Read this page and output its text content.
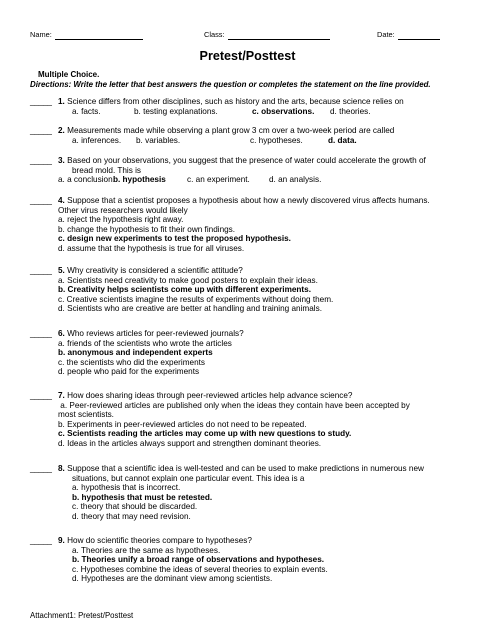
Name:	Class:	Date:
Pretest/Posttest
Multiple Choice.
Directions: Write the letter that best answers the question or completes the statement on the line provided.
_____ 1. Science differs from other disciplines, such as history and the arts, because science relies on
a. facts.	b. testing explanations.	c. observations. d. theories.
_____ 2. Measurements made while observing a plant grow 3 cm over a two-week period are called
a. inferences. b. variables.	c. hypotheses.	d. data.
_____ 3. Based on your observations, you suggest that the presence of water could accelerate the growth of
bread mold. This is
a. a conclusion.b. hypothesis	c. an experiment. d. an analysis.
_____ 4. Suppose that a scientist proposes a hypothesis about how a newly discovered virus affects humans.
Other virus researchers would likely
a. reject the hypothesis right away.
b. change the hypothesis to fit their own findings.
c. design new experiments to test the proposed hypothesis.
d. assume that the hypothesis is true for all viruses.
_____ 5. Why creativity is considered a scientific attitude?
a. Scientists need creativity to make good posters to explain their ideas.
b. Creativity helps scientists come up with different experiments.
c. Creative scientists imagine the results of experiments without doing them.
d. Scientists who are creative are better at handling and training animals.
_____ 6. Who reviews articles for peer-reviewed journals?
a. friends of the scientists who wrote the articles
b. anonymous and independent experts
c. the scientists who did the experiments
d. people who paid for the experiments
_____ 7. How does sharing ideas through peer-reviewed articles help advance science?
a. Peer-reviewed articles are published only when the ideas they contain have been accepted by
most scientists.
b. Experiments in peer-reviewed articles do not need to be repeated.
c. Scientists reading the articles may come up with new questions to study.
d. Ideas in the articles always support and strengthen dominant theories.
_____ 8. Suppose that a scientific idea is well-tested and can be used to make predictions in numerous new
situations, but cannot explain one particular event. This idea is a
a. hypothesis that is incorrect.
b. hypothesis that must be retested.
c. theory that should be discarded.
d. theory that may need revision.
_____ 9. How do scientific theories compare to hypotheses?
a. Theories are the same as hypotheses.
b. Theories unify a broad range of observations and hypotheses.
c. Hypotheses combine the ideas of several theories to explain events.
d. Hypotheses are the dominant view among scientists.
Attachment1: Pretest/Posttest
